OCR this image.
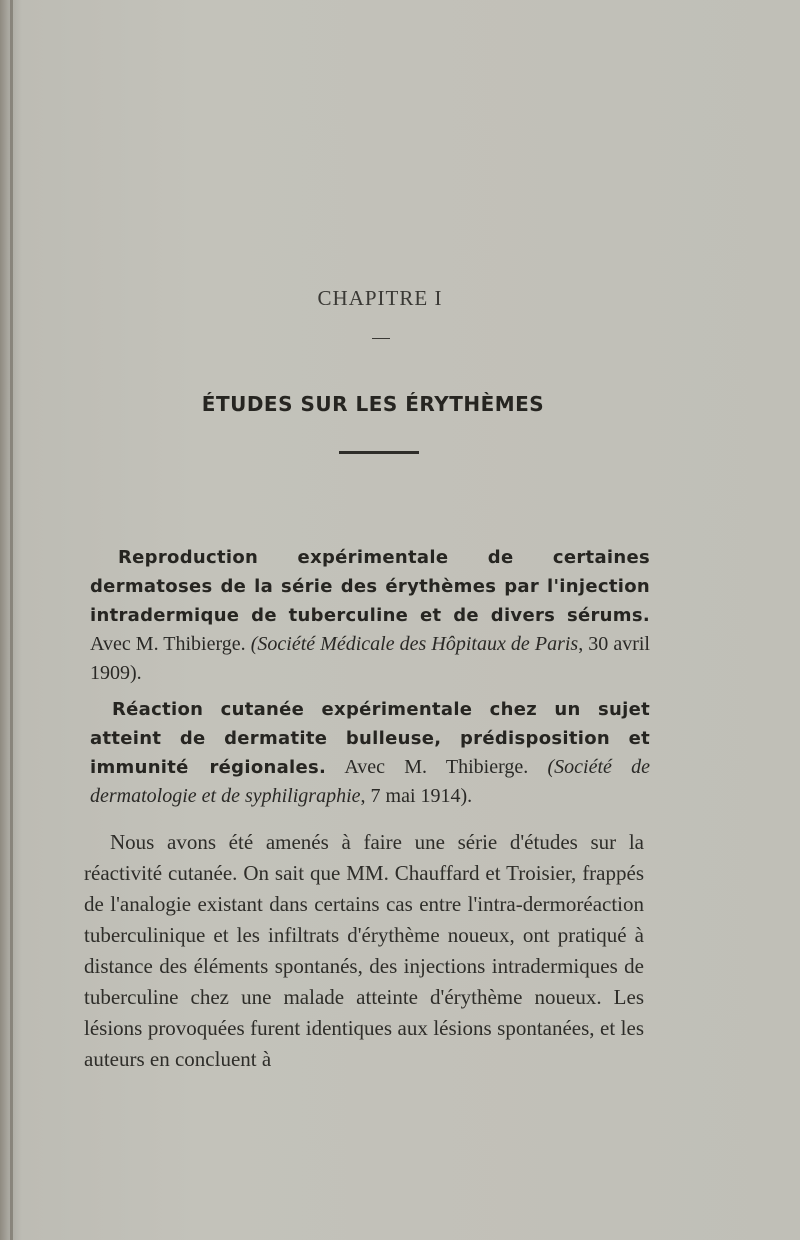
CHAPITRE I
ÉTUDES SUR LES ÉRYTHÈMES

Reproduction expérimentale de certaines dermatoses de la série des érythèmes par l'injection intradermique de tuberculine et de divers sérums. Avec M. Thibierge. (Société Médicale des Hôpitaux de Paris, 30 avril 1909).

Réaction cutanée expérimentale chez un sujet atteint de dermatite bulleuse, prédisposition et immunité régionales. Avec M. Thibierge. (Société de dermatologie et de syphiligraphie, 7 mai 1914).

Nous avons été amenés à faire une série d'études sur la réactivité cutanée. On sait que MM. Chauffard et Troisier, frappés de l'analogie existant dans certains cas entre l'intra-dermoréaction tuberculinique et les infiltrats d'érythème noueux, ont pratiqué à distance des éléments spontanés, des injections intradermiques de tuberculine chez une malade atteinte d'érythème noueux. Les lésions provoquées furent identiques aux lésions spontanées, et les auteurs en concluent à
